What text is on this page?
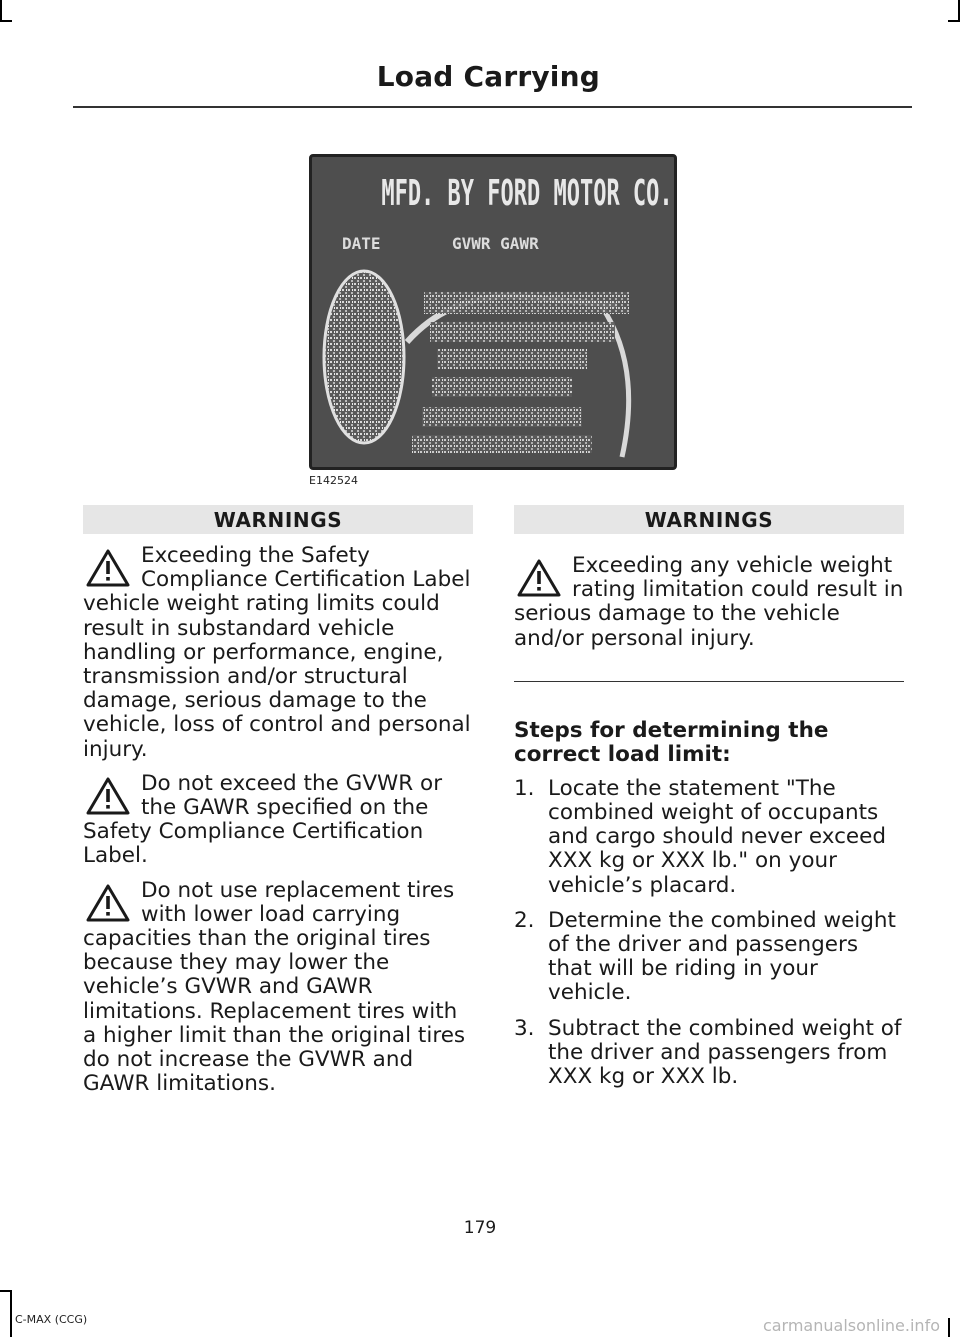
Load Carrying
MFD. BY FORD MOTOR CO.
DATE	GVWR GAWR
E142524
WARNINGS
Exceeding the Safety Compliance Certification Label vehicle weight rating limits could result in substandard vehicle handling or performance, engine, transmission and/or structural damage, serious damage to the vehicle, loss of control and personal injury.
Do not exceed the GVWR or the GAWR specified on the Safety Compliance Certification Label.
Do not use replacement tires with lower load carrying capacities than the original tires because they may lower the vehicle’s GVWR and GAWR limitations. Replacement tires with a higher limit than the original tires do not increase the GVWR and GAWR limitations.
WARNINGS
Exceeding any vehicle weight rating limitation could result in serious damage to the vehicle and/or personal injury.
Steps for determining the correct load limit:
1. Locate the statement "The combined weight of occupants and cargo should never exceed XXX kg or XXX lb." on your vehicle’s placard.
2. Determine the combined weight of the driver and passengers that will be riding in your vehicle.
3. Subtract the combined weight of the driver and passengers from XXX kg or XXX lb.
179
C-MAX (CCG)	carmanualsonline.info
